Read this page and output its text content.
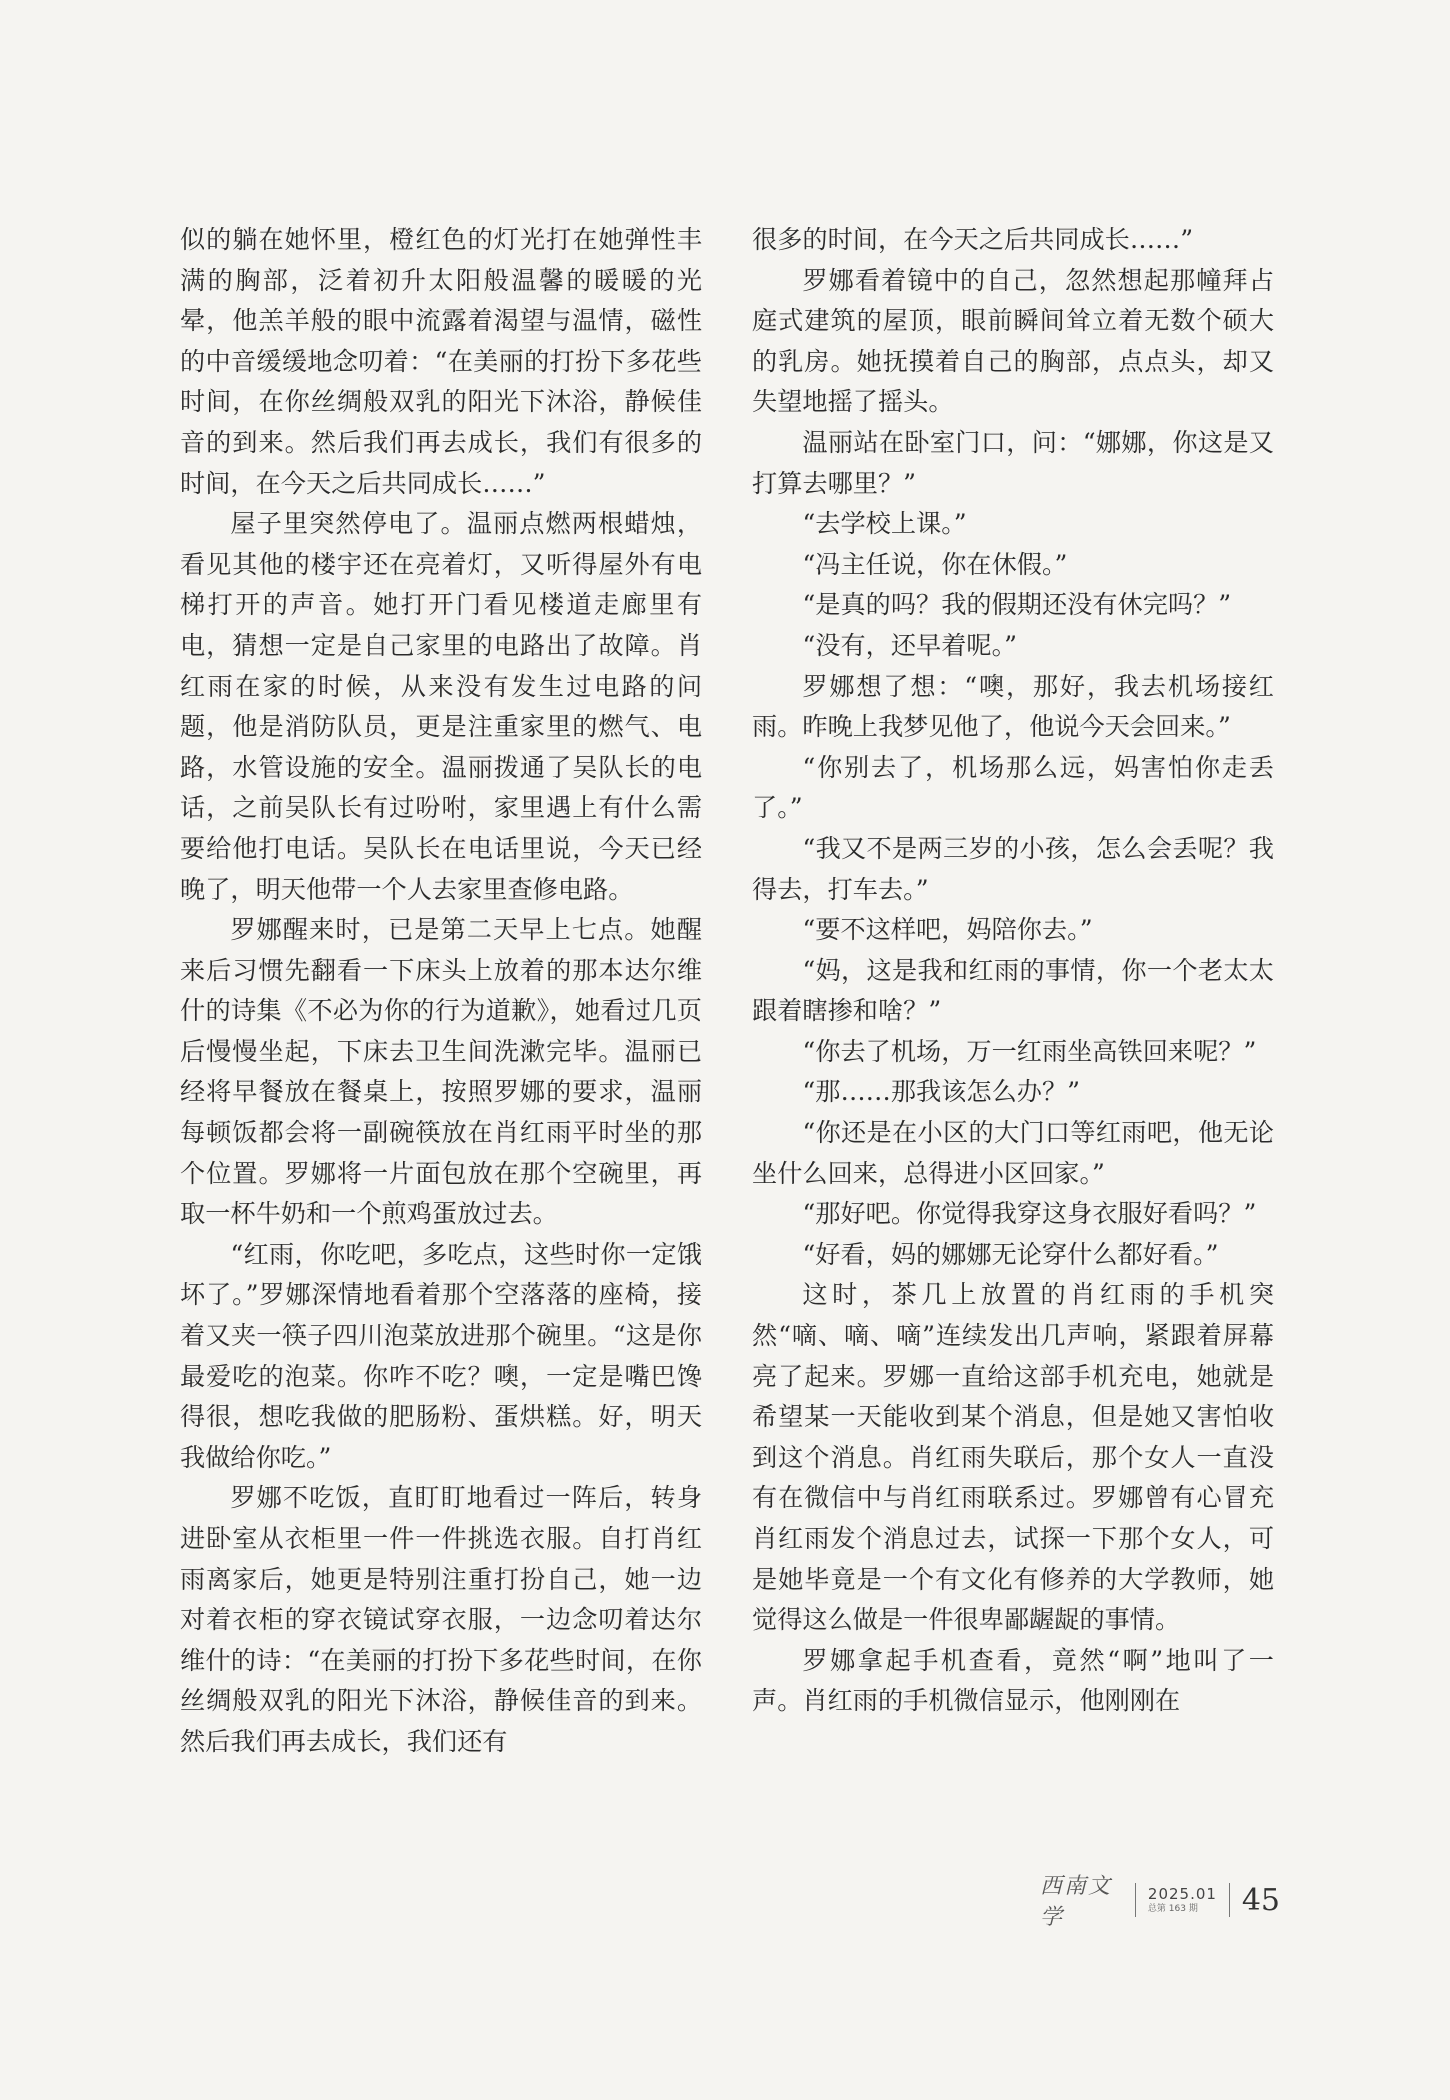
似的躺在她怀里，橙红色的灯光打在她弹性丰满的胸部，泛着初升太阳般温馨的暖暖的光晕，他羔羊般的眼中流露着渴望与温情，磁性的中音缓缓地念叨着：“在美丽的打扮下多花些时间，在你丝绸般双乳的阳光下沐浴，静候佳音的到来。然后我们再去成长，我们有很多的时间，在今天之后共同成长……”

屋子里突然停电了。温丽点燃两根蜡烛，看见其他的楼宇还在亮着灯，又听得屋外有电梯打开的声音。她打开门看见楼道走廊里有电，猜想一定是自己家里的电路出了故障。肖红雨在家的时候，从来没有发生过电路的问题，他是消防队员，更是注重家里的燃气、电路，水管设施的安全。温丽拨通了吴队长的电话，之前吴队长有过吩咐，家里遇上有什么需要给他打电话。吴队长在电话里说，今天已经晚了，明天他带一个人去家里查修电路。

罗娜醒来时，已是第二天早上七点。她醒来后习惯先翻看一下床头上放着的那本达尔维什的诗集《不必为你的行为道歉》，她看过几页后慢慢坐起，下床去卫生间洗漱完毕。温丽已经将早餐放在餐桌上，按照罗娜的要求，温丽每顿饭都会将一副碗筷放在肖红雨平时坐的那个位置。罗娜将一片面包放在那个空碗里，再取一杯牛奶和一个煎鸡蛋放过去。

“红雨，你吃吧，多吃点，这些时你一定饿坏了。”罗娜深情地看着那个空落落的座椅，接着又夹一筷子四川泡菜放进那个碗里。“这是你最爱吃的泡菜。你咋不吃？噢，一定是嘴巴馋得很，想吃我做的肥肠粉、蛋烘糕。好，明天我做给你吃。”

罗娜不吃饭，直盯盯地看过一阵后，转身进卧室从衣柜里一件一件挑选衣服。自打肖红雨离家后，她更是特别注重打扮自己，她一边对着衣柜的穿衣镜试穿衣服，一边念叨着达尔维什的诗：“在美丽的打扮下多花些时间，在你丝绸般双乳的阳光下沐浴，静候佳音的到来。然后我们再去成长，我们还有

很多的时间，在今天之后共同成长……”

罗娜看着镜中的自己，忽然想起那幢拜占庭式建筑的屋顶，眼前瞬间耸立着无数个硕大的乳房。她抚摸着自己的胸部，点点头，却又失望地摇了摇头。

温丽站在卧室门口，问：“娜娜，你这是又打算去哪里？”

“去学校上课。”

“冯主任说，你在休假。”

“是真的吗？我的假期还没有休完吗？”

“没有，还早着呢。”

罗娜想了想：“噢，那好，我去机场接红雨。昨晚上我梦见他了，他说今天会回来。”

“你别去了，机场那么远，妈害怕你走丢了。”

“我又不是两三岁的小孩，怎么会丢呢？我得去，打车去。”

“要不这样吧，妈陪你去。”

“妈，这是我和红雨的事情，你一个老太太跟着瞎掺和啥？”

“你去了机场，万一红雨坐高铁回来呢？”

“那……那我该怎么办？”

“你还是在小区的大门口等红雨吧，他无论坐什么回来，总得进小区回家。”

“那好吧。你觉得我穿这身衣服好看吗？”

“好看，妈的娜娜无论穿什么都好看。”

这时，茶几上放置的肖红雨的手机突然“嘀、嘀、嘀”连续发出几声响，紧跟着屏幕亮了起来。罗娜一直给这部手机充电，她就是希望某一天能收到某个消息，但是她又害怕收到这个消息。肖红雨失联后，那个女人一直没有在微信中与肖红雨联系过。罗娜曾有心冒充肖红雨发个消息过去，试探一下那个女人，可是她毕竟是一个有文化有修养的大学教师，她觉得这么做是一件很卑鄙龌龊的事情。

罗娜拿起手机查看，竟然“啊”地叫了一声。肖红雨的手机微信显示，他刚刚在

西南文学
2025.01
总第 163 期 45
